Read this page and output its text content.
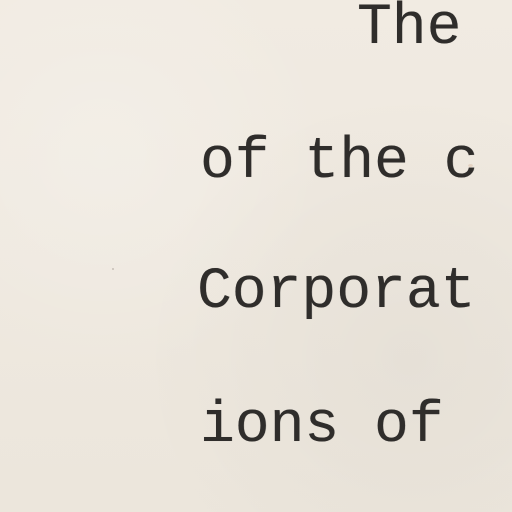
The
of the c
Corporat
ions of
